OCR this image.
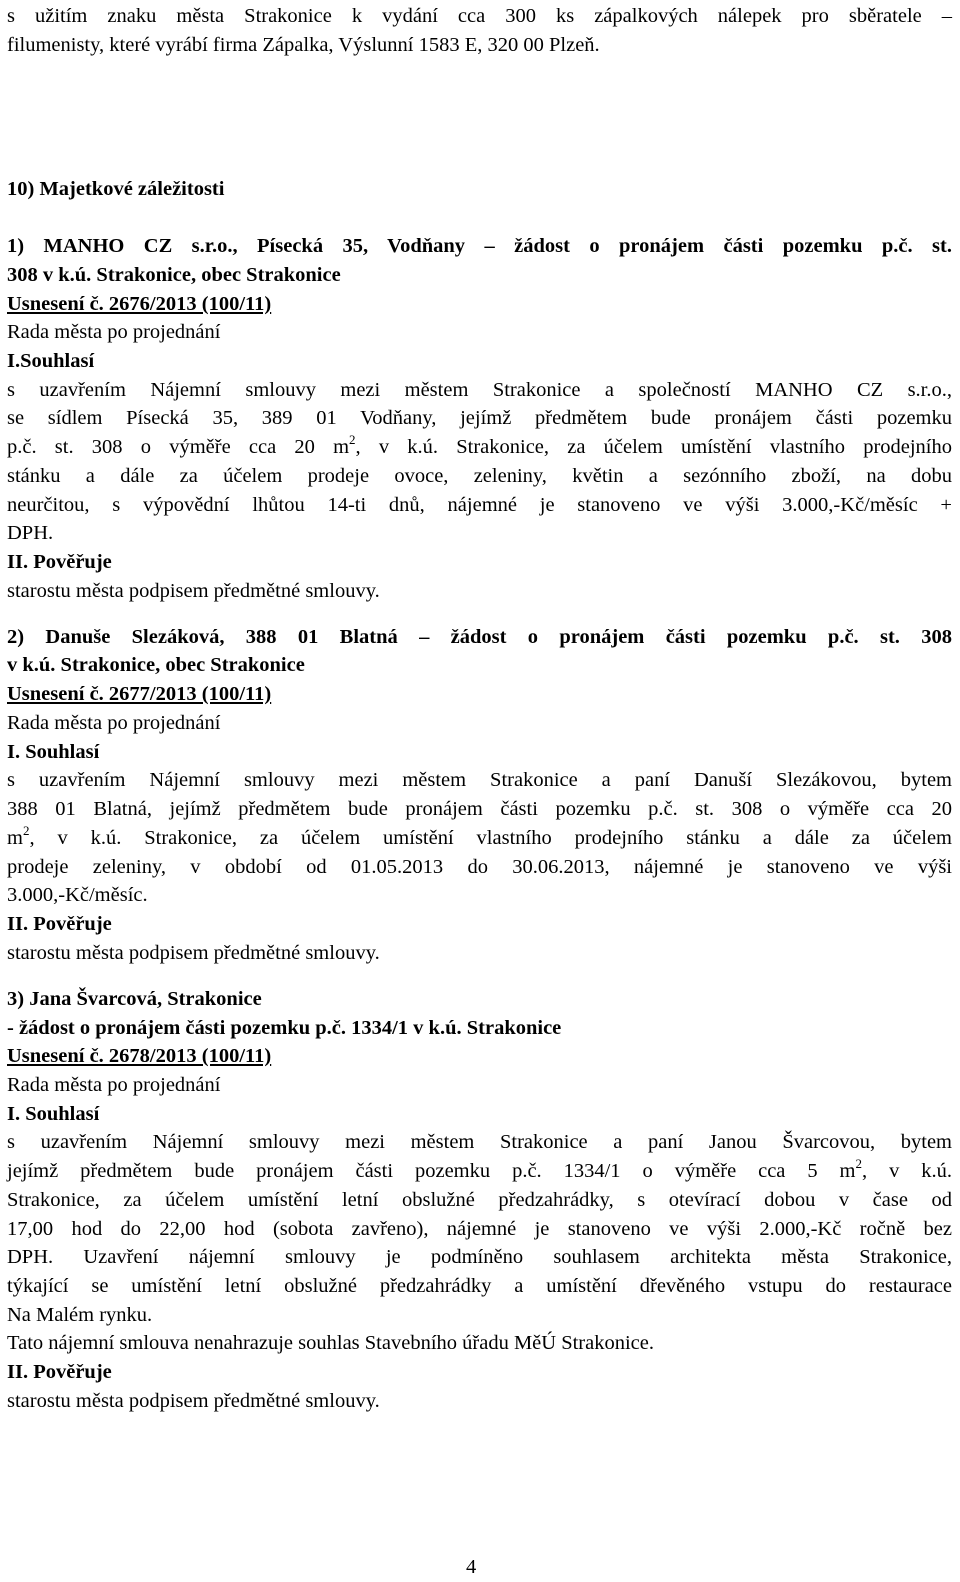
s užitím znaku města Strakonice k vydání cca 300 ks zápalkových nálepek pro sběratele –
filumenisty, které vyrábí firma Zápalka, Výslunní 1583 E, 320 00 Plzeň.
10) Majetkové záležitosti
1) MANHO CZ s.r.o., Písecká 35, Vodňany – žádost o pronájem části pozemku p.č. st.
308 v k.ú. Strakonice, obec Strakonice
Usnesení č. 2676/2013 (100/11)
Rada města po projednání
I.Souhlasí
s uzavřením Nájemní smlouvy mezi městem Strakonice a společností MANHO CZ s.r.o.,
se sídlem Písecká 35, 389 01 Vodňany, jejímž předmětem bude pronájem části pozemku
p.č. st. 308 o výměře cca 20 $m^2$, v k.ú. Strakonice, za účelem umístění vlastního prodejního
stánku a dále za účelem prodeje ovoce, zeleniny, květin a sezónního zboží, na dobu
neurčitou, s výpovědní lhůtou 14-ti dnů, nájemné je stanoveno ve výši 3.000,-Kč/měsíc +
DPH.
II. Pověřuje
starostu města podpisem předmětné smlouvy.
2) Danuše Slezáková, 388 01 Blatná – žádost o pronájem části pozemku p.č. st. 308
v k.ú. Strakonice, obec Strakonice
Usnesení č. 2677/2013 (100/11)
Rada města po projednání
I. Souhlasí
s uzavřením Nájemní smlouvy mezi městem Strakonice a paní Danuší Slezákovou, bytem
388 01 Blatná, jejímž předmětem bude pronájem části pozemku p.č. st. 308 o výměře cca 20
$m^2$, v k.ú. Strakonice, za účelem umístění vlastního prodejního stánku a dále za účelem
prodeje zeleniny, v období od 01.05.2013 do 30.06.2013, nájemné je stanoveno ve výši
3.000,-Kč/měsíc.
II. Pověřuje
starostu města podpisem předmětné smlouvy.
3) Jana Švarcová, Strakonice
- žádost o pronájem části pozemku p.č. 1334/1 v k.ú. Strakonice
Usnesení č. 2678/2013 (100/11)
Rada města po projednání
I. Souhlasí
s uzavřením Nájemní smlouvy mezi městem Strakonice a paní Janou Švarcovou, bytem
jejímž předmětem bude pronájem části pozemku p.č. 1334/1 o výměře cca 5 $m^2$, v k.ú.
Strakonice, za účelem umístění letní obslužné předzahrádky, s otevírací dobou v čase od
17,00 hod do 22,00 hod (sobota zavřeno), nájemné je stanoveno ve výši 2.000,-Kč ročně bez
DPH. Uzavření nájemní smlouvy je podmíněno souhlasem architekta města Strakonice,
týkající se umístění letní obslužné předzahrádky a umístění dřevěného vstupu do restaurace
Na Malém rynku.
Tato nájemní smlouva nenahrazuje souhlas Stavebního úřadu MěÚ Strakonice.
II. Pověřuje
starostu města podpisem předmětné smlouvy.
4
